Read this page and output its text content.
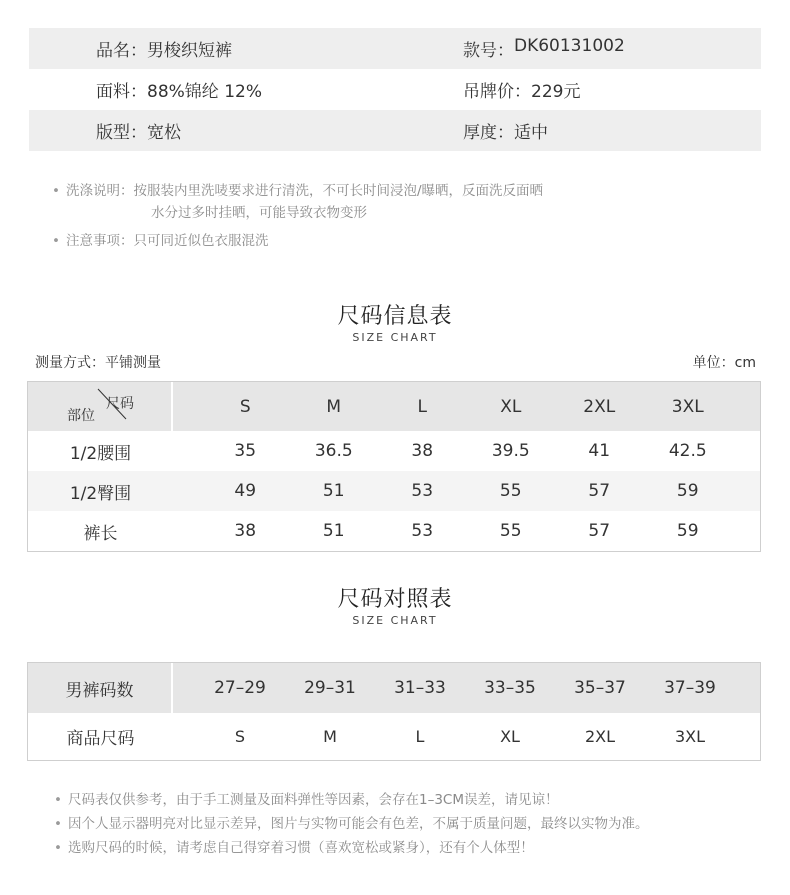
品名： 男梭织短裤	款号： DK60131002
面料： 88%锦纶 12%	吊牌价： 229元
版型： 宽松	厚度： 适中
• 洗涤说明： 按服装内里洗唛要求进行清洗，不可长时间浸泡/曝晒，反面洗反面晒
水分过多时挂晒，可能导致衣物变形
• 注意事项： 只可同近似色衣服混洗
尺码信息表
SIZE CHART
测量方式：平铺测量	单位：cm
尺码
部位	S	M	L	XL	2XL	3XL
1/2腰围	35	36.5	38	39.5	41	42.5
1/2臀围	49	51	53	55	57	59
裤长	38	51	53	55	57	59
尺码对照表
SIZE CHART
男裤码数	27–29	29–31	31–33	33–35	35–37	37–39
商品尺码	S	M	L	XL	2XL	3XL
• 尺码表仅供参考，由于手工测量及面料弹性等因素，会存在1–3CM误差，请见谅！
• 因个人显示器明亮对比显示差异，图片与实物可能会有色差，不属于质量问题，最终以实物为准。
• 选购尺码的时候，请考虑自己得穿着习惯（喜欢宽松或紧身），还有个人体型！
